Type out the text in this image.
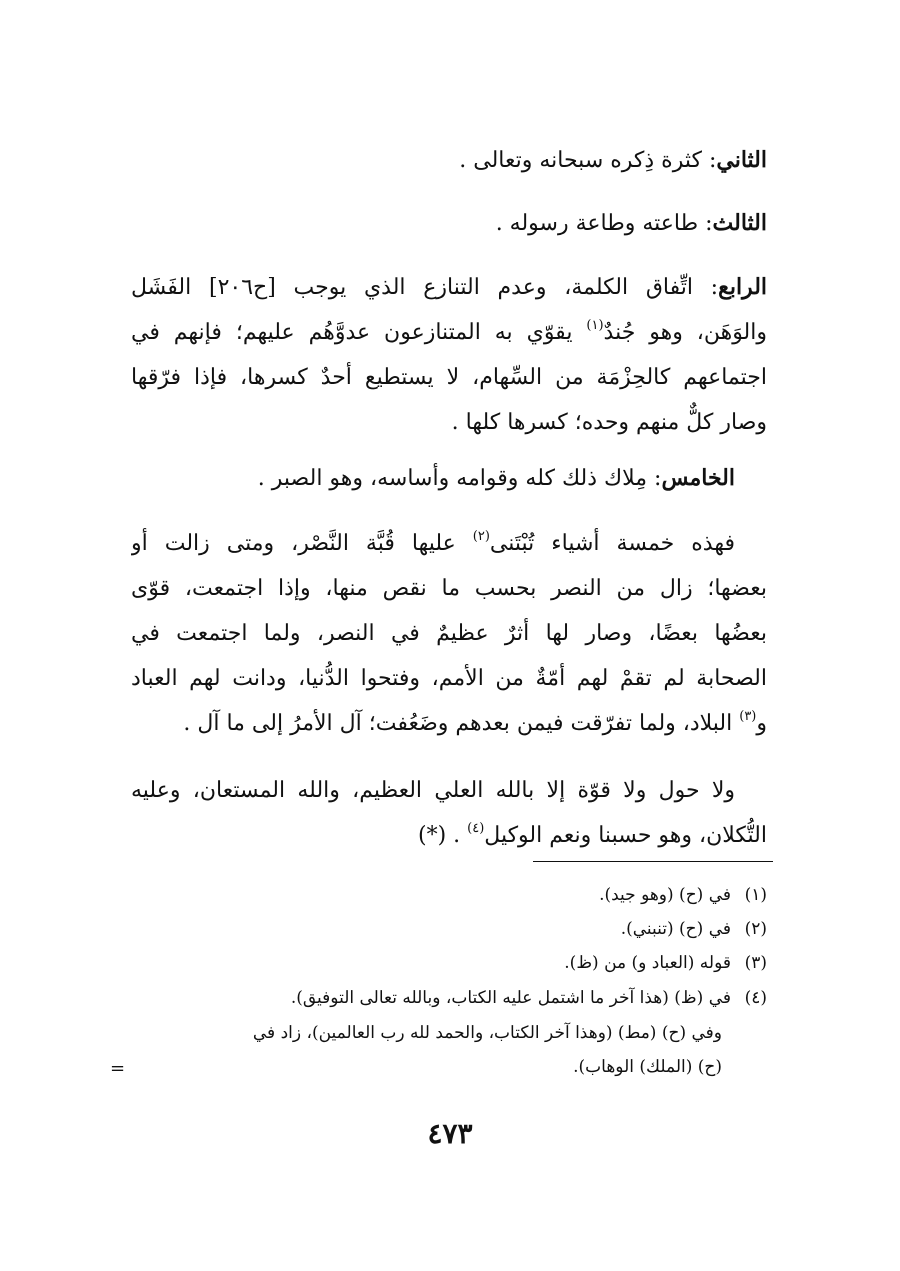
الثاني: كثرة ذِكره سبحانه وتعالى .
الثالث: طاعته وطاعة رسوله .
الرابع: اتِّفاق الكلمة، وعدم التنازع الذي يوجب [ح٢٠٦] الفَشَل
والوَهَن، وهو جُندٌ$^{(١)}$ يقوّي به المتنازعون عدوَّهُم عليهم؛ فإنهم في
اجتماعهم كالحِزْمَة من السِّهام، لا يستطيع أحدٌ كسرها، فإذا فرّقها
وصار كلٌّ منهم وحده؛ كسرها كلها .
الخامس: مِلاك ذلك كله وقوامه وأساسه، وهو الصبر .
فهذه خمسة أشياء تُبْتَنى$^{(٢)}$ عليها قُبَّة النَّصْر، ومتى زالت أو
بعضها؛ زال من النصر بحسب ما نقص منها، وإذا اجتمعت، قوّى
بعضُها بعضًا، وصار لها أثرٌ عظيمٌ في النصر، ولما اجتمعت في
الصحابة لم تقمْ لهم أمّةٌ من الأمم، وفتحوا الدُّنيا، ودانت لهم العباد
و$^{(٣)}$ البلاد، ولما تفرّقت فيمن بعدهم وضَعُفت؛ آل الأمرُ إلى ما آل .
ولا حول ولا قوّة إلا بالله العلي العظيم، والله المستعان، وعليه
التُّكلان، وهو حسبنا ونعم الوكيل$^{(٤)}$ . (*)
(١)في (ح) (وهو جيد).
(٢)في (ح) (تنبني).
(٣)قوله (العباد و) من (ظ).
(٤)في (ظ) (هذا آخر ما اشتمل عليه الكتاب، وبالله تعالى التوفيق).
وفي (ح) (مط) (وهذا آخر الكتاب، والحمد لله رب العالمين)، زاد في
(ح) (الملك) الوهاب).
=
٤٧٣
